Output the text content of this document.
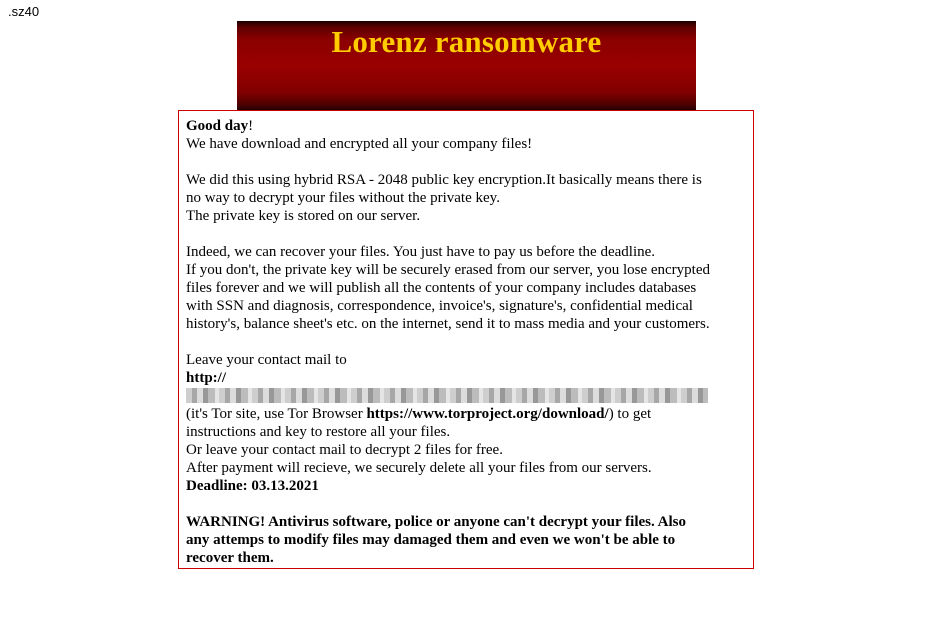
.sz40
Lorenz ransomware
Good day!
We have download and encrypted all your company files!
We did this using hybrid RSA - 2048 public key encryption.It basically means there is
no way to decrypt your files without the private key.
The private key is stored on our server.
Indeed, we can recover your files. You just have to pay us before the deadline.
If you don't, the private key will be securely erased from our server, you lose encrypted
files forever and we will publish all the contents of your company includes databases
with SSN and diagnosis, correspondence, invoice's, signature's, confidential medical
history's, balance sheet's etc. on the internet, send it to mass media and your customers.
Leave your contact mail to
http://
(it's Tor site, use Tor Browser https://www.torproject.org/download/) to get
instructions and key to restore all your files.
Or leave your contact mail to decrypt 2 files for free.
After payment will recieve, we securely delete all your files from our servers.
Deadline: 03.13.2021
WARNING! Antivirus software, police or anyone can't decrypt your files. Also
any attemps to modify files may damaged them and even we won't be able to
recover them.
